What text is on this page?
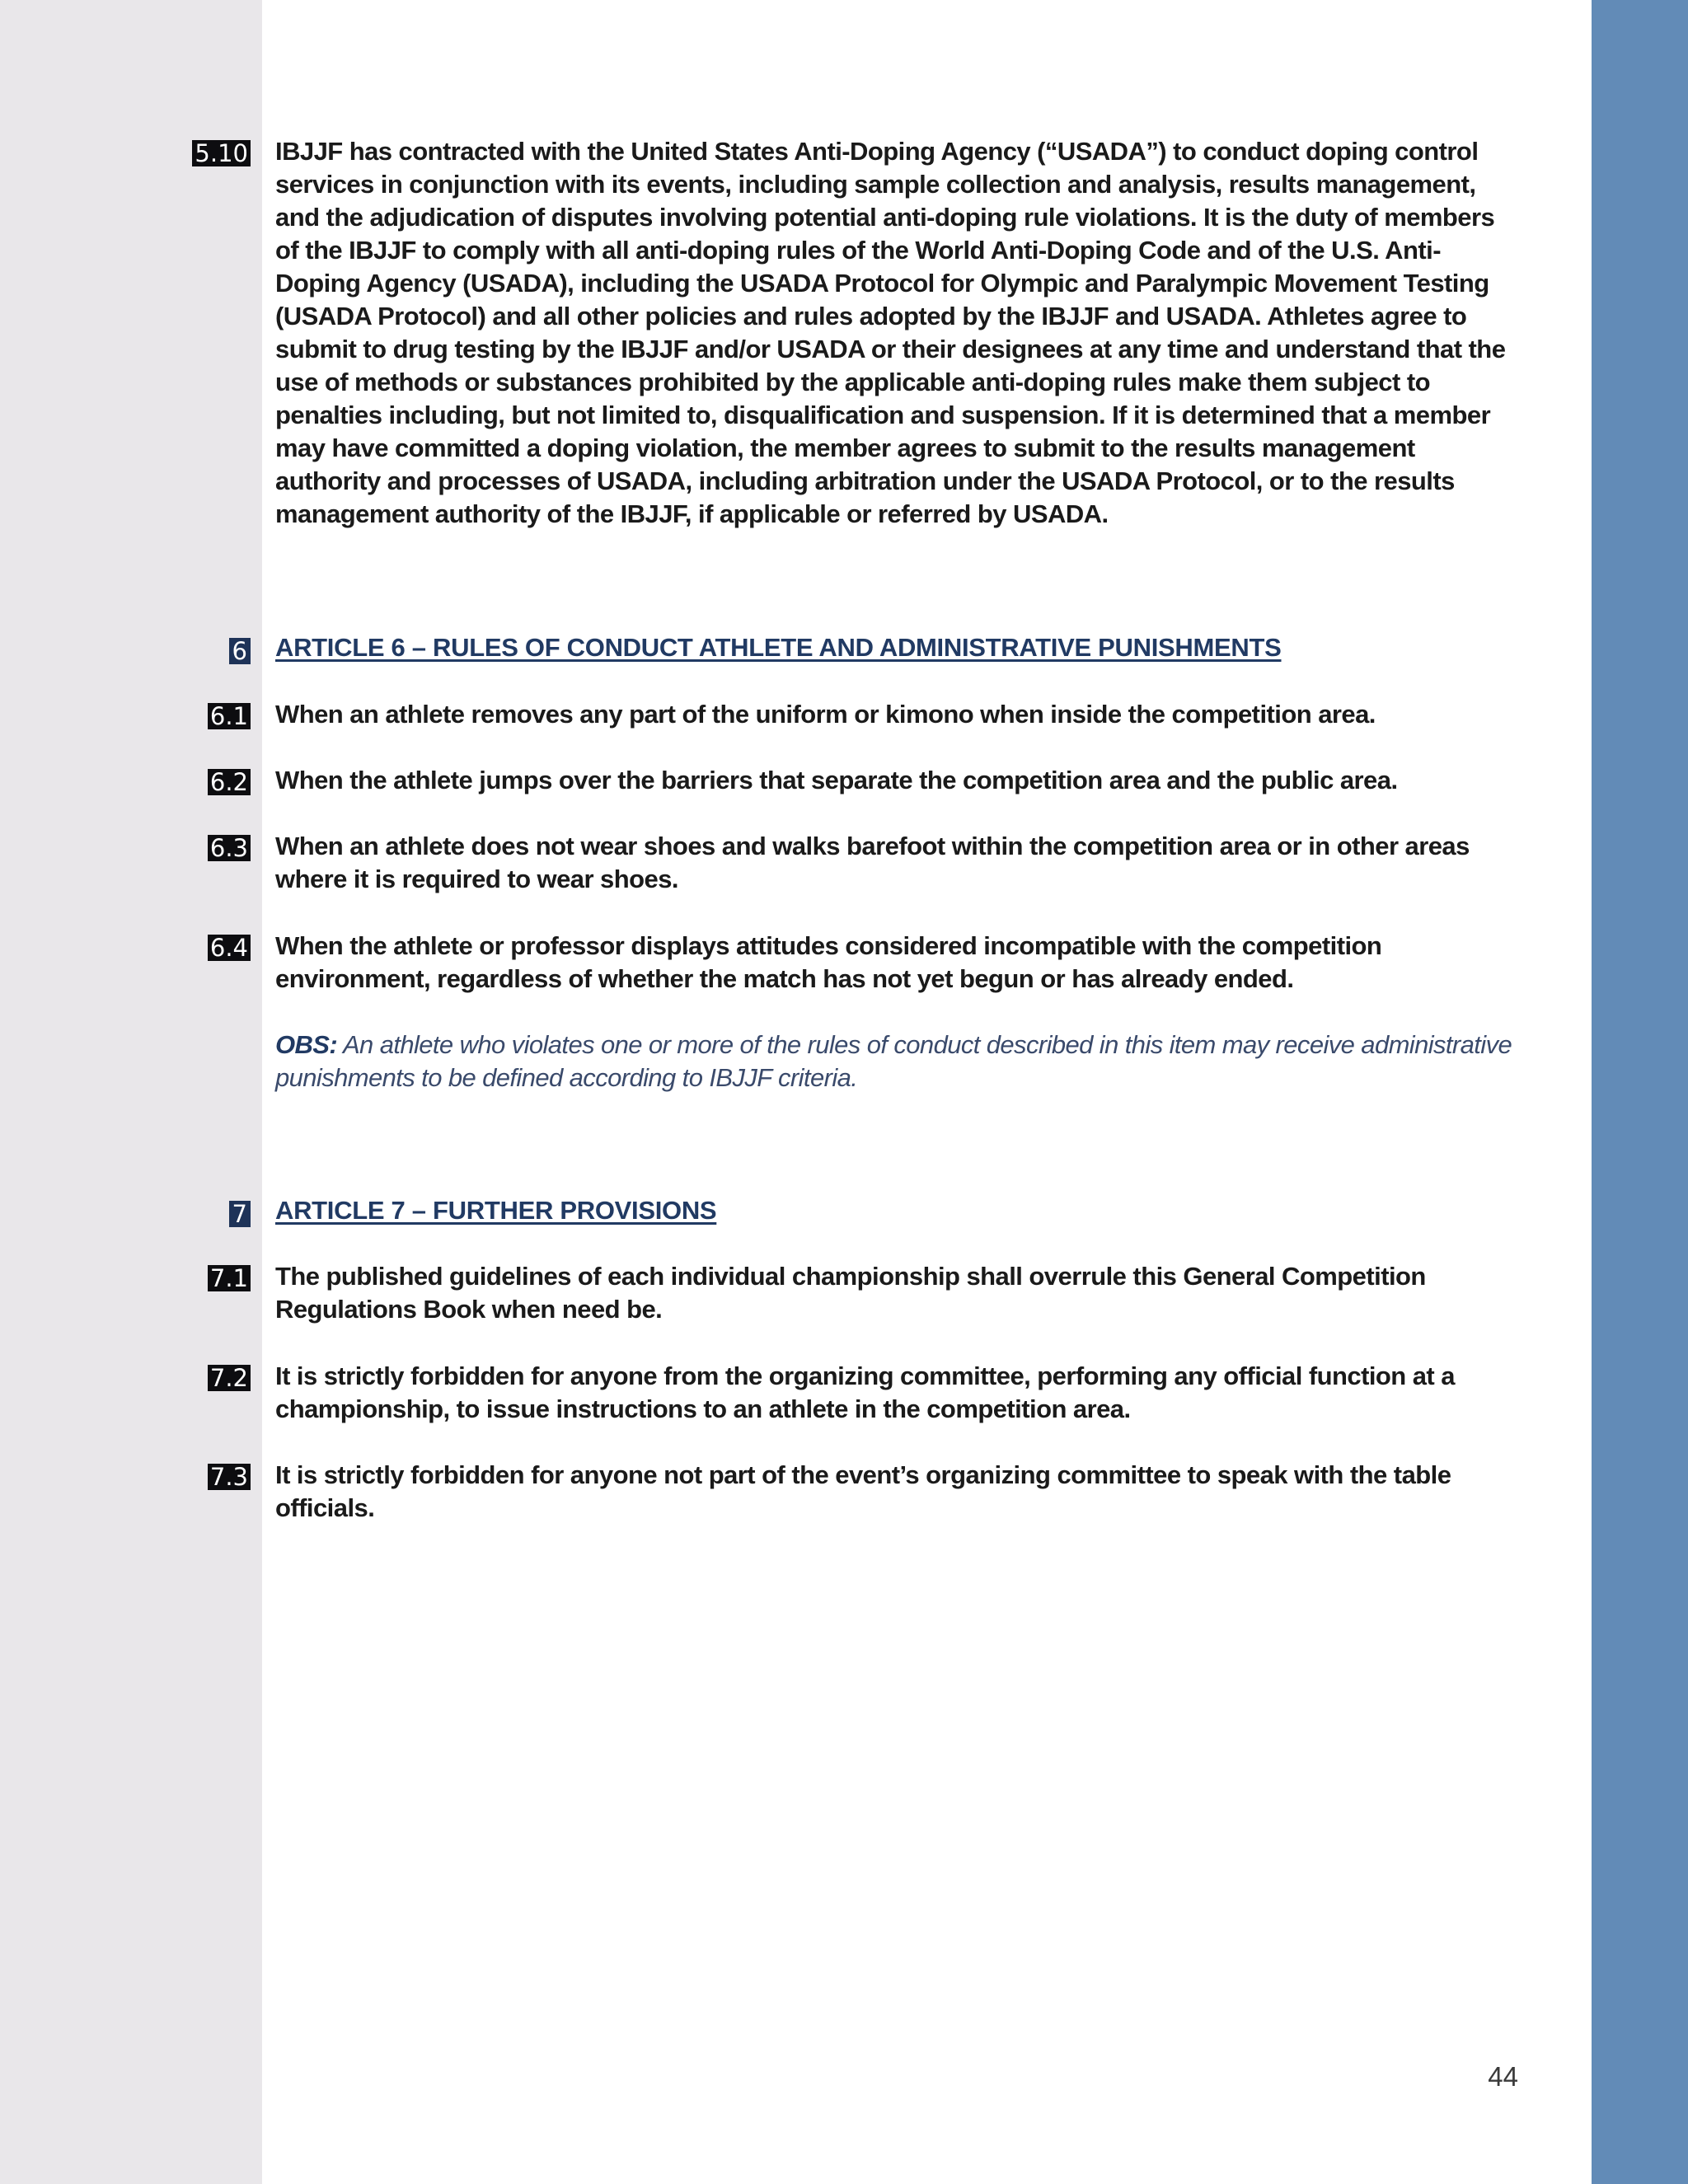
5.10 IBJJF has contracted with the United States Anti-Doping Agency (“USADA”) to conduct doping control services in conjunction with its events, including sample collection and analysis, results management, and the adjudication of disputes involving potential anti-doping rule violations. It is the duty of members of the IBJJF to comply with all anti-doping rules of the World Anti-Doping Code and of the U.S. Anti-Doping Agency (USADA), including the USADA Protocol for Olympic and Paralympic Movement Testing (USADA Protocol) and all other policies and rules adopted by the IBJJF and USADA. Athletes agree to submit to drug testing by the IBJJF and/or USADA or their designees at any time and understand that the use of methods or substances prohibited by the applicable anti-doping rules make them subject to penalties including, but not limited to, disqualification and suspension. If it is determined that a member may have committed a doping violation, the member agrees to submit to the results management authority and processes of USADA, including arbitration under the USADA Protocol, or to the results management authority of the IBJJF, if applicable or referred by USADA.
6 ARTICLE 6 – RULES OF CONDUCT ATHLETE AND ADMINISTRATIVE PUNISHMENTS
6.1 When an athlete removes any part of the uniform or kimono when inside the competition area.
6.2 When the athlete jumps over the barriers that separate the competition area and the public area.
6.3 When an athlete does not wear shoes and walks barefoot within the competition area or in other areas where it is required to wear shoes.
6.4 When the athlete or professor displays attitudes considered incompatible with the competition environment, regardless of whether the match has not yet begun or has already ended.
OBS: An athlete who violates one or more of the rules of conduct described in this item may receive administrative punishments to be defined according to IBJJF criteria.
7 ARTICLE 7 – FURTHER PROVISIONS
7.1 The published guidelines of each individual championship shall overrule this General Competition Regulations Book when need be.
7.2 It is strictly forbidden for anyone from the organizing committee, performing any official function at a championship, to issue instructions to an athlete in the competition area.
7.3 It is strictly forbidden for anyone not part of the event’s organizing committee to speak with the table officials.
44
